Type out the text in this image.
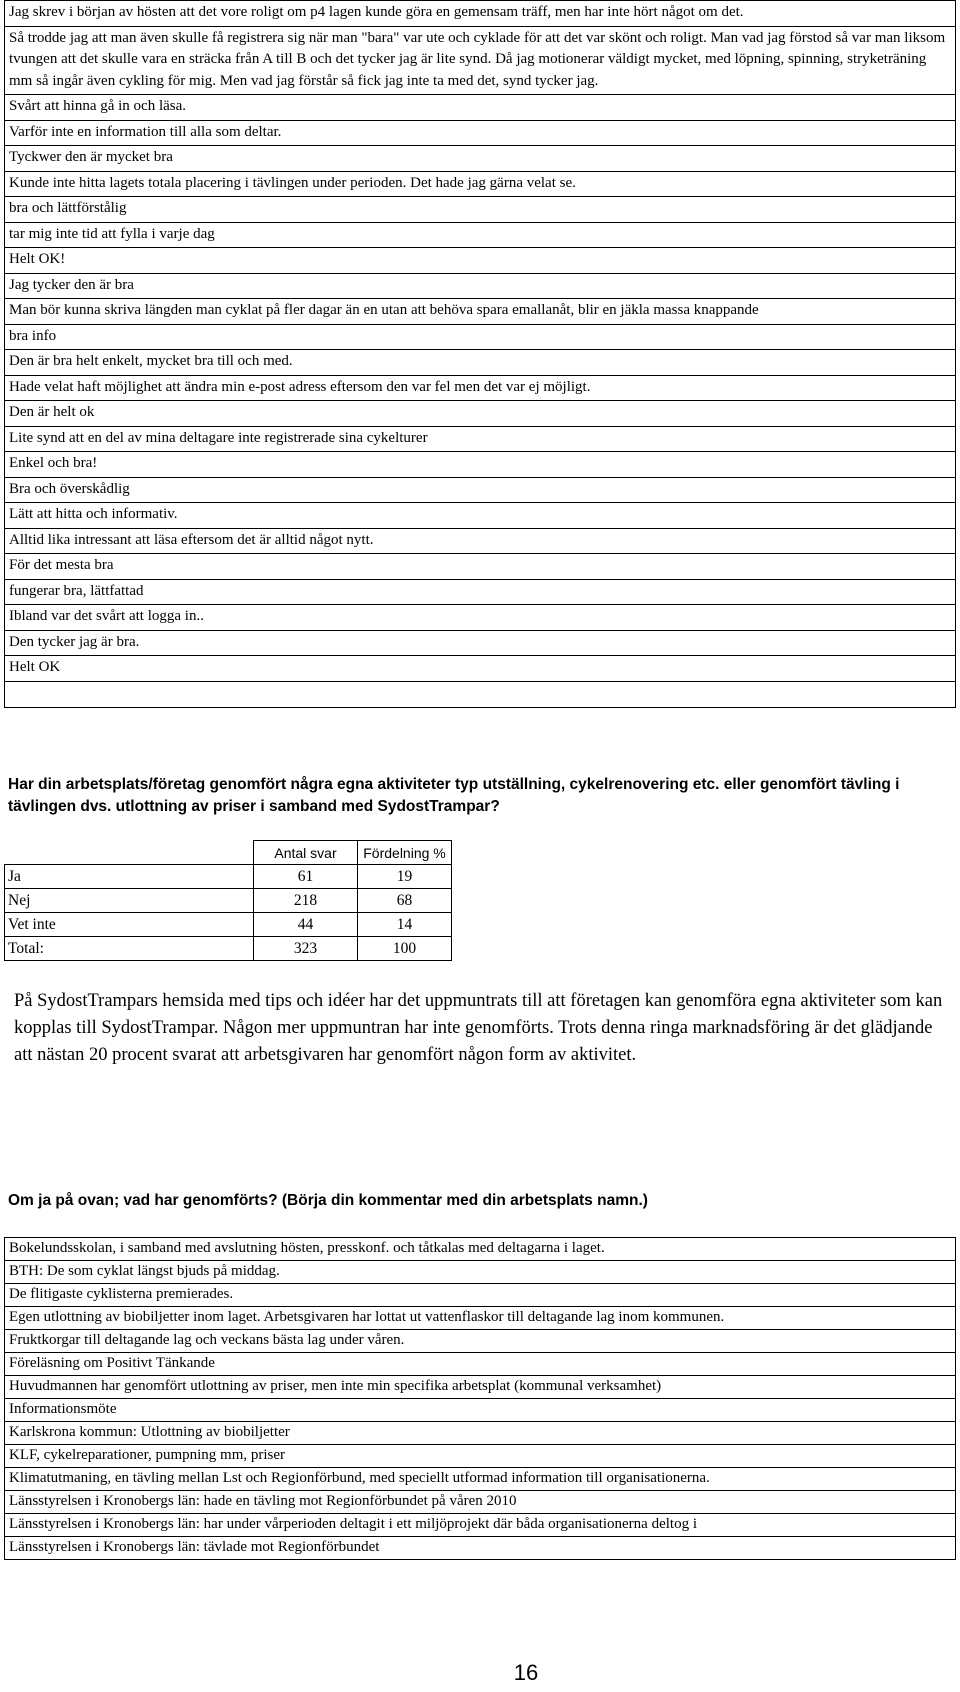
Jag skrev i början av hösten att det vore roligt om p4 lagen kunde göra en gemensam träff, men har inte hört något om det.
Så trodde jag att man även skulle få registrera sig när man "bara" var ute och cyklade för att det var skönt och roligt. Man vad jag förstod så var man liksom tvungen att det skulle vara en sträcka från A till B och det tycker jag är lite synd. Då jag motionerar väldigt mycket, med löpning, spinning, stryketräning mm så ingår även cykling för mig. Men vad jag förstår så fick jag inte ta med det, synd tycker jag.
Svårt att hinna gå in och läsa.
Varför inte en information till alla som deltar.
Tyckwer den är mycket bra
Kunde inte hitta lagets totala placering i tävlingen under perioden. Det hade jag gärna velat se.
bra och lättförstålig
tar mig inte tid att fylla i varje dag
Helt OK!
Jag tycker den är bra
Man bör kunna skriva längden man cyklat på fler dagar än en utan att behöva spara emallanåt, blir en jäkla massa knappande
bra info
Den är bra helt enkelt, mycket bra till och med.
Hade velat haft möjlighet att ändra min e-post adress eftersom den var fel men det var ej möjligt.
Den är helt ok
Lite synd att en del av mina deltagare inte registrerade sina cykelturer
Enkel och bra!
Bra och överskådlig
Lätt att hitta och informativ.
Alltid lika intressant att läsa eftersom det är alltid något nytt.
För det mesta bra
fungerar bra, lättfattad
Ibland var det svårt att logga in..
Den tycker jag är bra.
Helt OK

Har din arbetsplats/företag genomfört några egna aktiviteter typ utställning, cykelrenovering etc. eller genomfört tävling i tävlingen dvs. utlottning av priser i samband med SydostTrampar?

	Antal svar	Fördelning %
Ja	61	19
Nej	218	68
Vet inte	44	14
Total:	323	100

På SydostTrampars hemsida med tips och idéer har det uppmuntrats till att företagen kan genomföra egna aktiviteter som kan kopplas till SydostTrampar. Någon mer uppmuntran har inte genomförts. Trots denna ringa marknadsföring är det glädjande att nästan 20 procent svarat att arbetsgivaren har genomfört någon form av aktivitet.

Om ja på ovan; vad har genomförts? (Börja din kommentar med din arbetsplats namn.)

Bokelundsskolan, i samband med avslutning hösten, presskonf. och tåtkalas med deltagarna i laget.
BTH: De som cyklat längst bjuds på middag.
De flitigaste cyklisterna premierades.
Egen utlottning av biobiljetter inom laget. Arbetsgivaren har lottat ut vattenflaskor till deltagande lag inom kommunen.
Fruktkorgar till deltagande lag och veckans bästa lag under våren.
Föreläsning om Positivt Tänkande
Huvudmannen har genomfört utlottning av priser, men inte min specifika arbetsplat (kommunal verksamhet)
Informationsmöte
Karlskrona kommun: Utlottning av biobiljetter
KLF, cykelreparationer, pumpning mm, priser
Klimatutmaning, en tävling mellan Lst och Regionförbund, med speciellt utformad information till organisationerna.
Länsstyrelsen i Kronobergs län: hade en tävling mot Regionförbundet på våren 2010
Länsstyrelsen i Kronobergs län: har under vårperioden deltagit i ett miljöprojekt där båda organisationerna deltog i
Länsstyrelsen i Kronobergs län: tävlade mot Regionförbundet
16
